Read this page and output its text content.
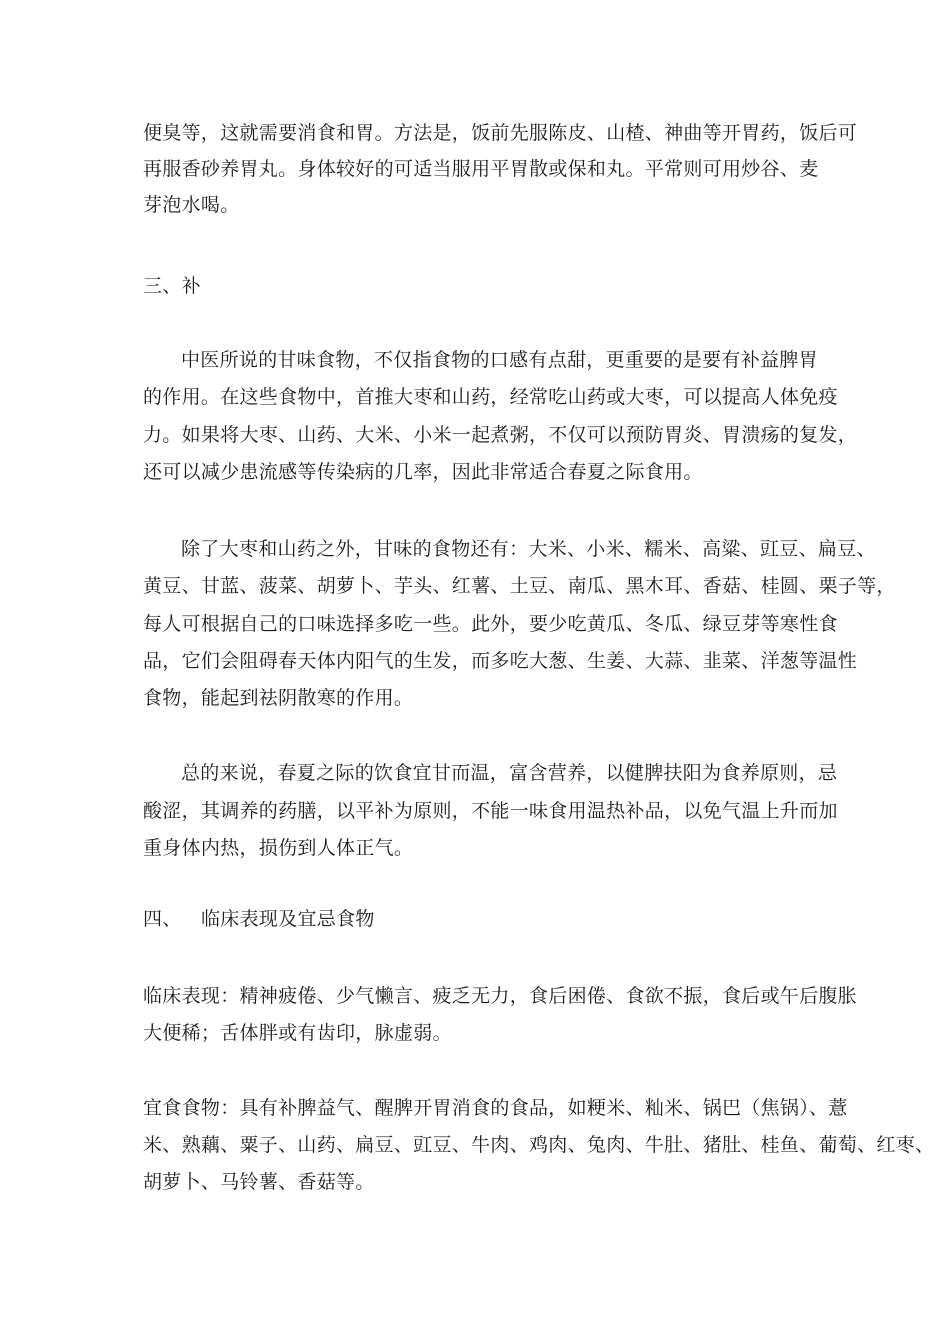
便臭等，这就需要消食和胃。方法是，饭前先服陈皮、山楂、神曲等开胃药，饭后可
再服香砂养胃丸。身体较好的可适当服用平胃散或保和丸。平常则可用炒谷、麦
芽泡水喝。
三、补
中医所说的甘味食物，不仅指食物的口感有点甜，更重要的是要有补益脾胃
的作用。在这些食物中，首推大枣和山药，经常吃山药或大枣，可以提高人体免疫
力。如果将大枣、山药、大米、小米一起煮粥，不仅可以预防胃炎、胃溃疡的复发，
还可以减少患流感等传染病的几率，因此非常适合春夏之际食用。
除了大枣和山药之外，甘味的食物还有：大米、小米、糯米、高粱、豇豆、扁豆、
黄豆、甘蓝、菠菜、胡萝卜、芋头、红薯、土豆、南瓜、黑木耳、香菇、桂圆、栗子等，
每人可根据自己的口味选择多吃一些。此外，要少吃黄瓜、冬瓜、绿豆芽等寒性食
品，它们会阻碍春天体内阳气的生发，而多吃大葱、生姜、大蒜、韭菜、洋葱等温性
食物，能起到祛阴散寒的作用。
总的来说，春夏之际的饮食宜甘而温，富含营养，以健脾扶阳为食养原则，忌
酸涩，其调养的药膳，以平补为原则，不能一味食用温热补品，以免气温上升而加
重身体内热，损伤到人体正气。
四、 临床表现及宜忌食物
临床表现：精神疲倦、少气懒言、疲乏无力，食后困倦、食欲不振，食后或午后腹胀
大便稀；舌体胖或有齿印，脉虚弱。
宜食食物：具有补脾益气、醒脾开胃消食的食品，如粳米、籼米、锅巴（焦锅）、薏
米、熟藕、粟子、山药、扁豆、豇豆、牛肉、鸡肉、兔肉、牛肚、猪肚、桂鱼、葡萄、红枣、
胡萝卜、马铃薯、香菇等。
